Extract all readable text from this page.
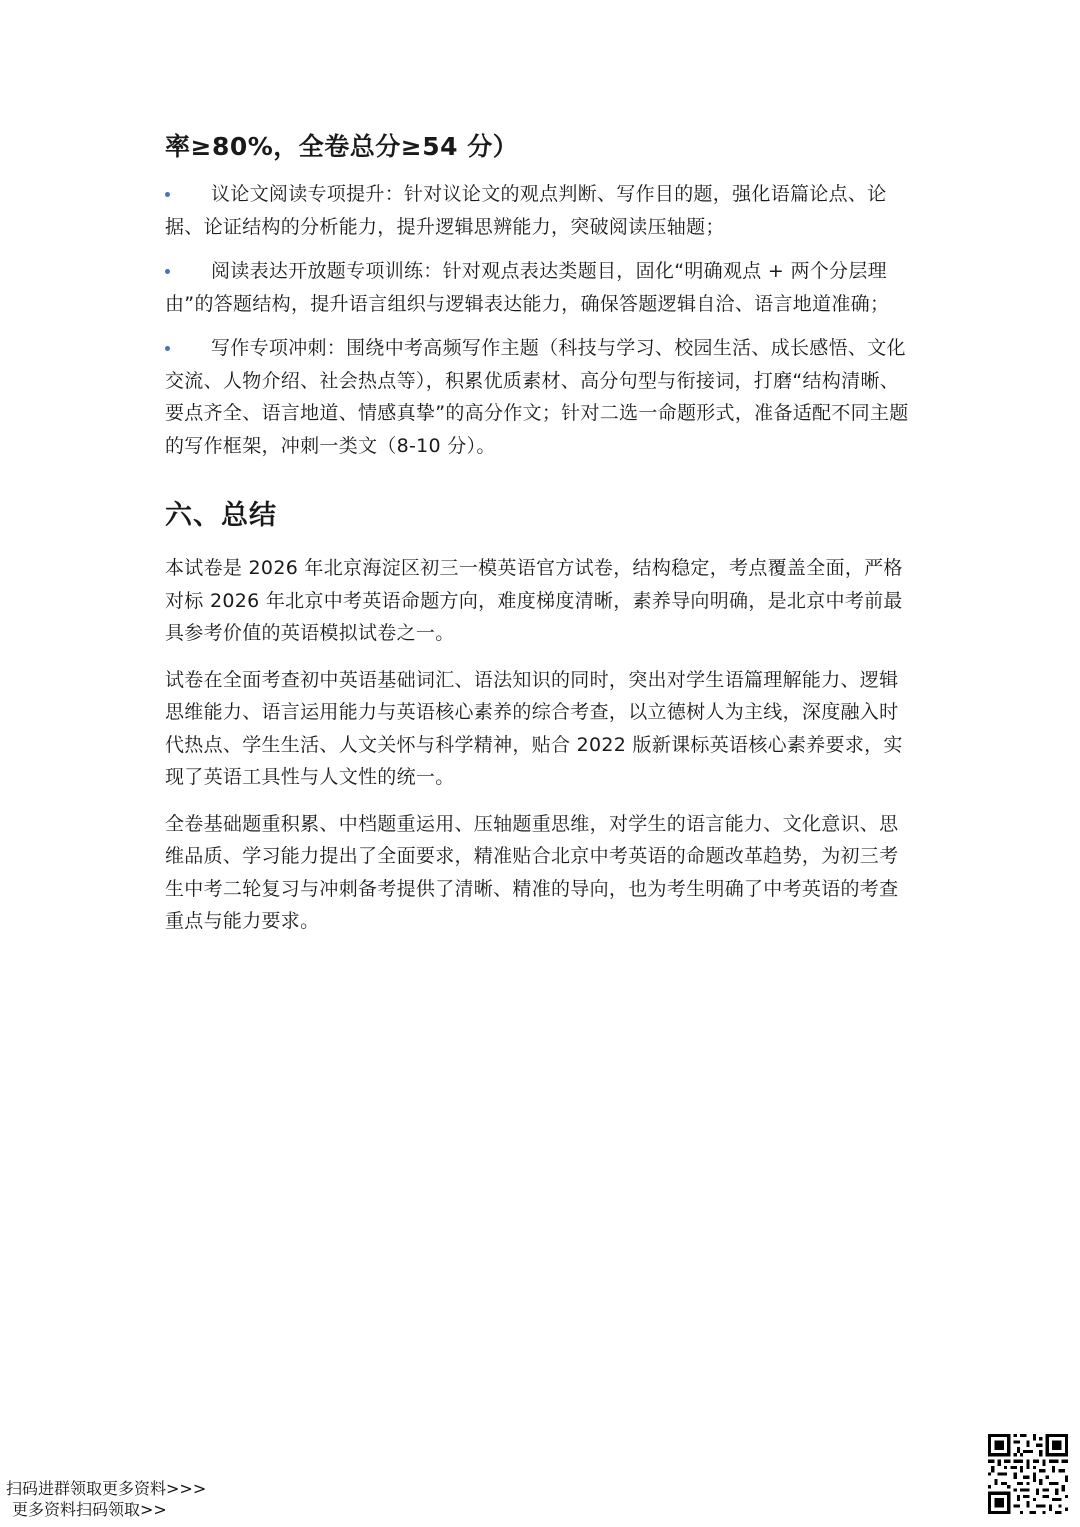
率≥80%，全卷总分≥54 分）
议论文阅读专项提升：针对议论文的观点判断、写作目的题，强化语篇论点、论据、论证结构的分析能力，提升逻辑思辨能力，突破阅读压轴题；
阅读表达开放题专项训练：针对观点表达类题目，固化“明确观点 + 两个分层理由”的答题结构，提升语言组织与逻辑表达能力，确保答题逻辑自洽、语言地道准确；
写作专项冲刺：围绕中考高频写作主题（科技与学习、校园生活、成长感悟、文化交流、人物介绍、社会热点等），积累优质素材、高分句型与衔接词，打磨“结构清晰、要点齐全、语言地道、情感真挚”的高分作文；针对二选一命题形式，准备适配不同主题的写作框架，冲刺一类文（8-10 分）。
六、总结

本试卷是 2026 年北京海淀区初三一模英语官方试卷，结构稳定，考点覆盖全面，严格对标 2026 年北京中考英语命题方向，难度梯度清晰，素养导向明确，是北京中考前最具参考价值的英语模拟试卷之一。

试卷在全面考查初中英语基础词汇、语法知识的同时，突出对学生语篇理解能力、逻辑思维能力、语言运用能力与英语核心素养的综合考查，以立德树人为主线，深度融入时代热点、学生生活、人文关怀与科学精神，贴合 2022 版新课标英语核心素养要求，实现了英语工具性与人文性的统一。

全卷基础题重积累、中档题重运用、压轴题重思维，对学生的语言能力、文化意识、思维品质、学习能力提出了全面要求，精准贴合北京中考英语的命题改革趋势，为初三考生中考二轮复习与冲刺备考提供了清晰、精准的导向，也为考生明确了中考英语的考查重点与能力要求。

扫码进群领取更多资料>>>
更多资料扫码领取>>
